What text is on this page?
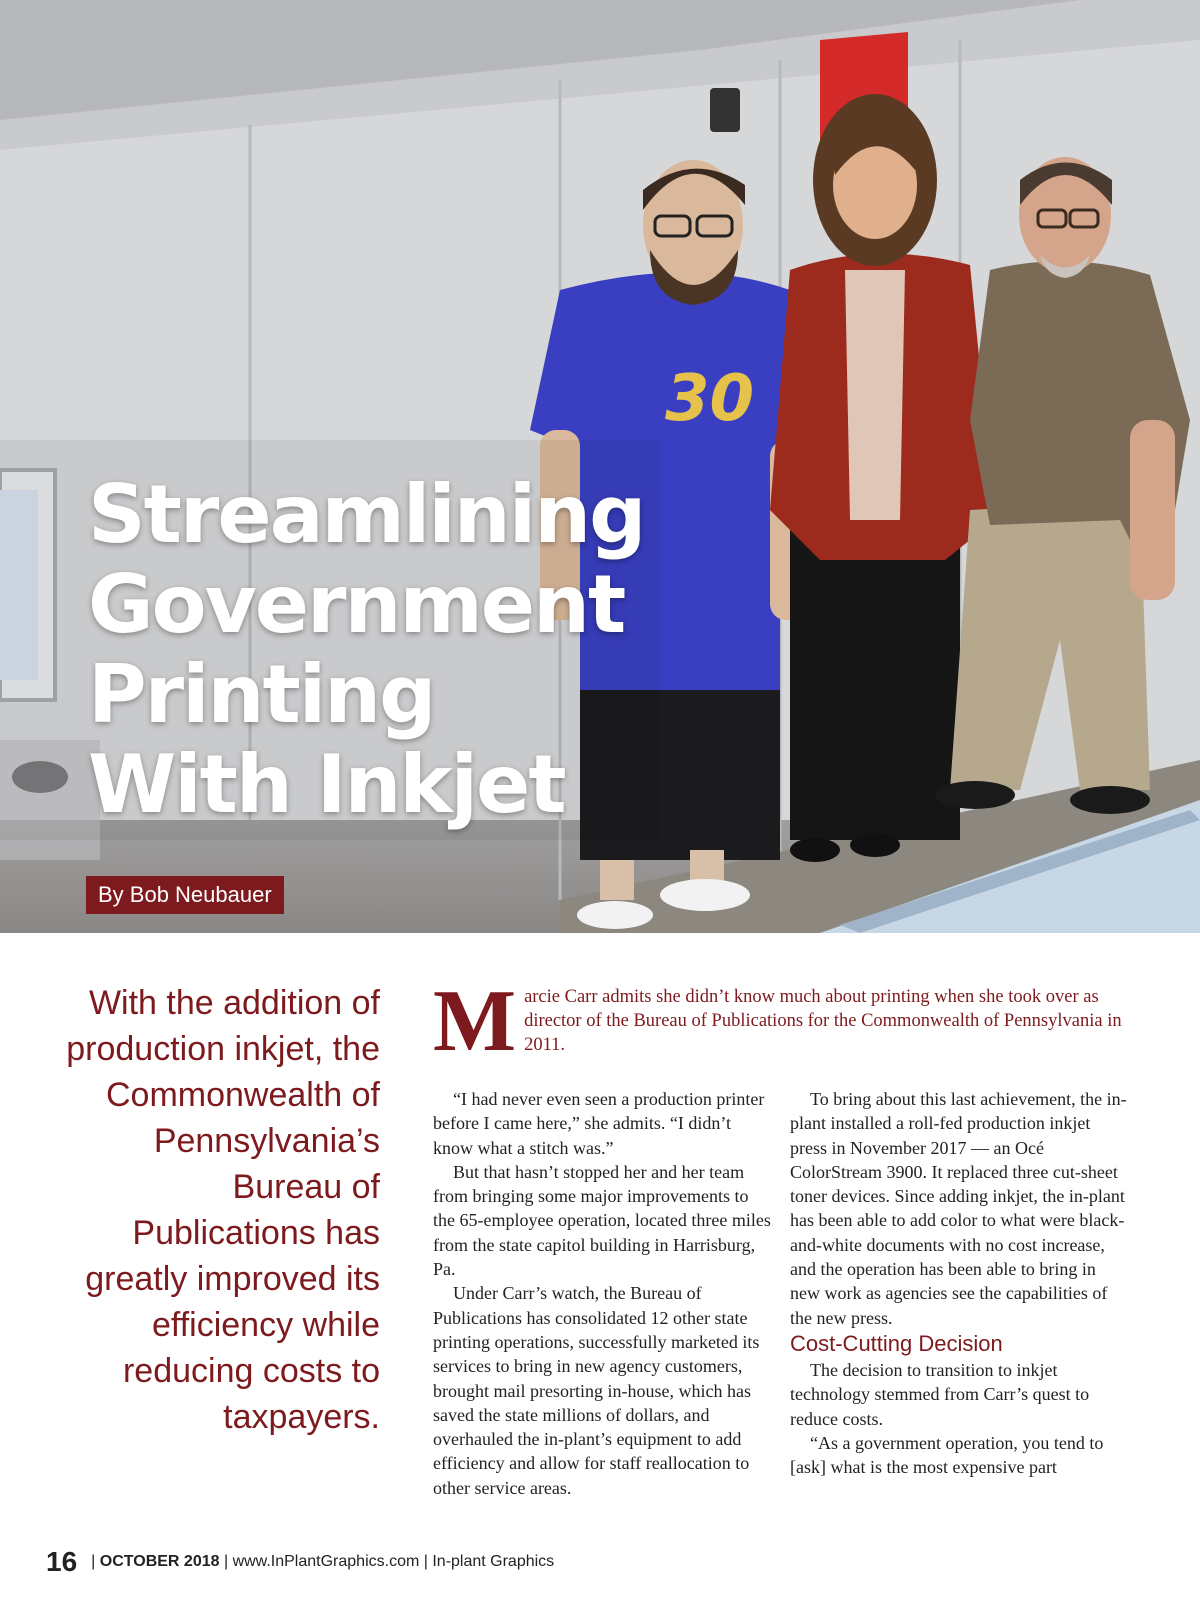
30
Streamlining
Government
Printing
With Inkjet
By Bob Neubauer

With the addition of production inkjet, the Commonwealth of Pennsylvania’s Bureau of Publications has greatly improved its efficiency while reducing costs to taxpayers.

M arcie Carr admits she didn’t know much about printing when she took over as director of the Bureau of Publications for the Commonwealth of Pennsylvania in 2011.

“I had never even seen a production printer before I came here,” she admits. “I didn’t know what a stitch was.”

But that hasn’t stopped her and her team from bringing some major improvements to the 65-employee operation, located three miles from the state capitol building in Harrisburg, Pa.

Under Carr’s watch, the Bureau of Publications has consolidated 12 other state printing operations, successfully marketed its services to bring in new agency customers, brought mail presorting in-house, which has saved the state millions of dollars, and overhauled the in-plant’s equipment to add efficiency and allow for staff reallocation to other service areas.

To bring about this last achievement, the in-plant installed a roll-fed production inkjet press in November 2017 — an Océ ColorStream 3900. It replaced three cut-sheet toner devices. Since adding inkjet, the in-plant has been able to add color to what were black-and-white documents with no cost increase, and the operation has been able to bring in new work as agencies see the capabilities of the new press.

Cost-Cutting Decision

The decision to transition to inkjet technology stemmed from Carr’s quest to reduce costs.

“As a government operation, you tend to [ask] what is the most expensive part

16 | OCTOBER 2018 | www.InPlantGraphics.com | In-plant Graphics
